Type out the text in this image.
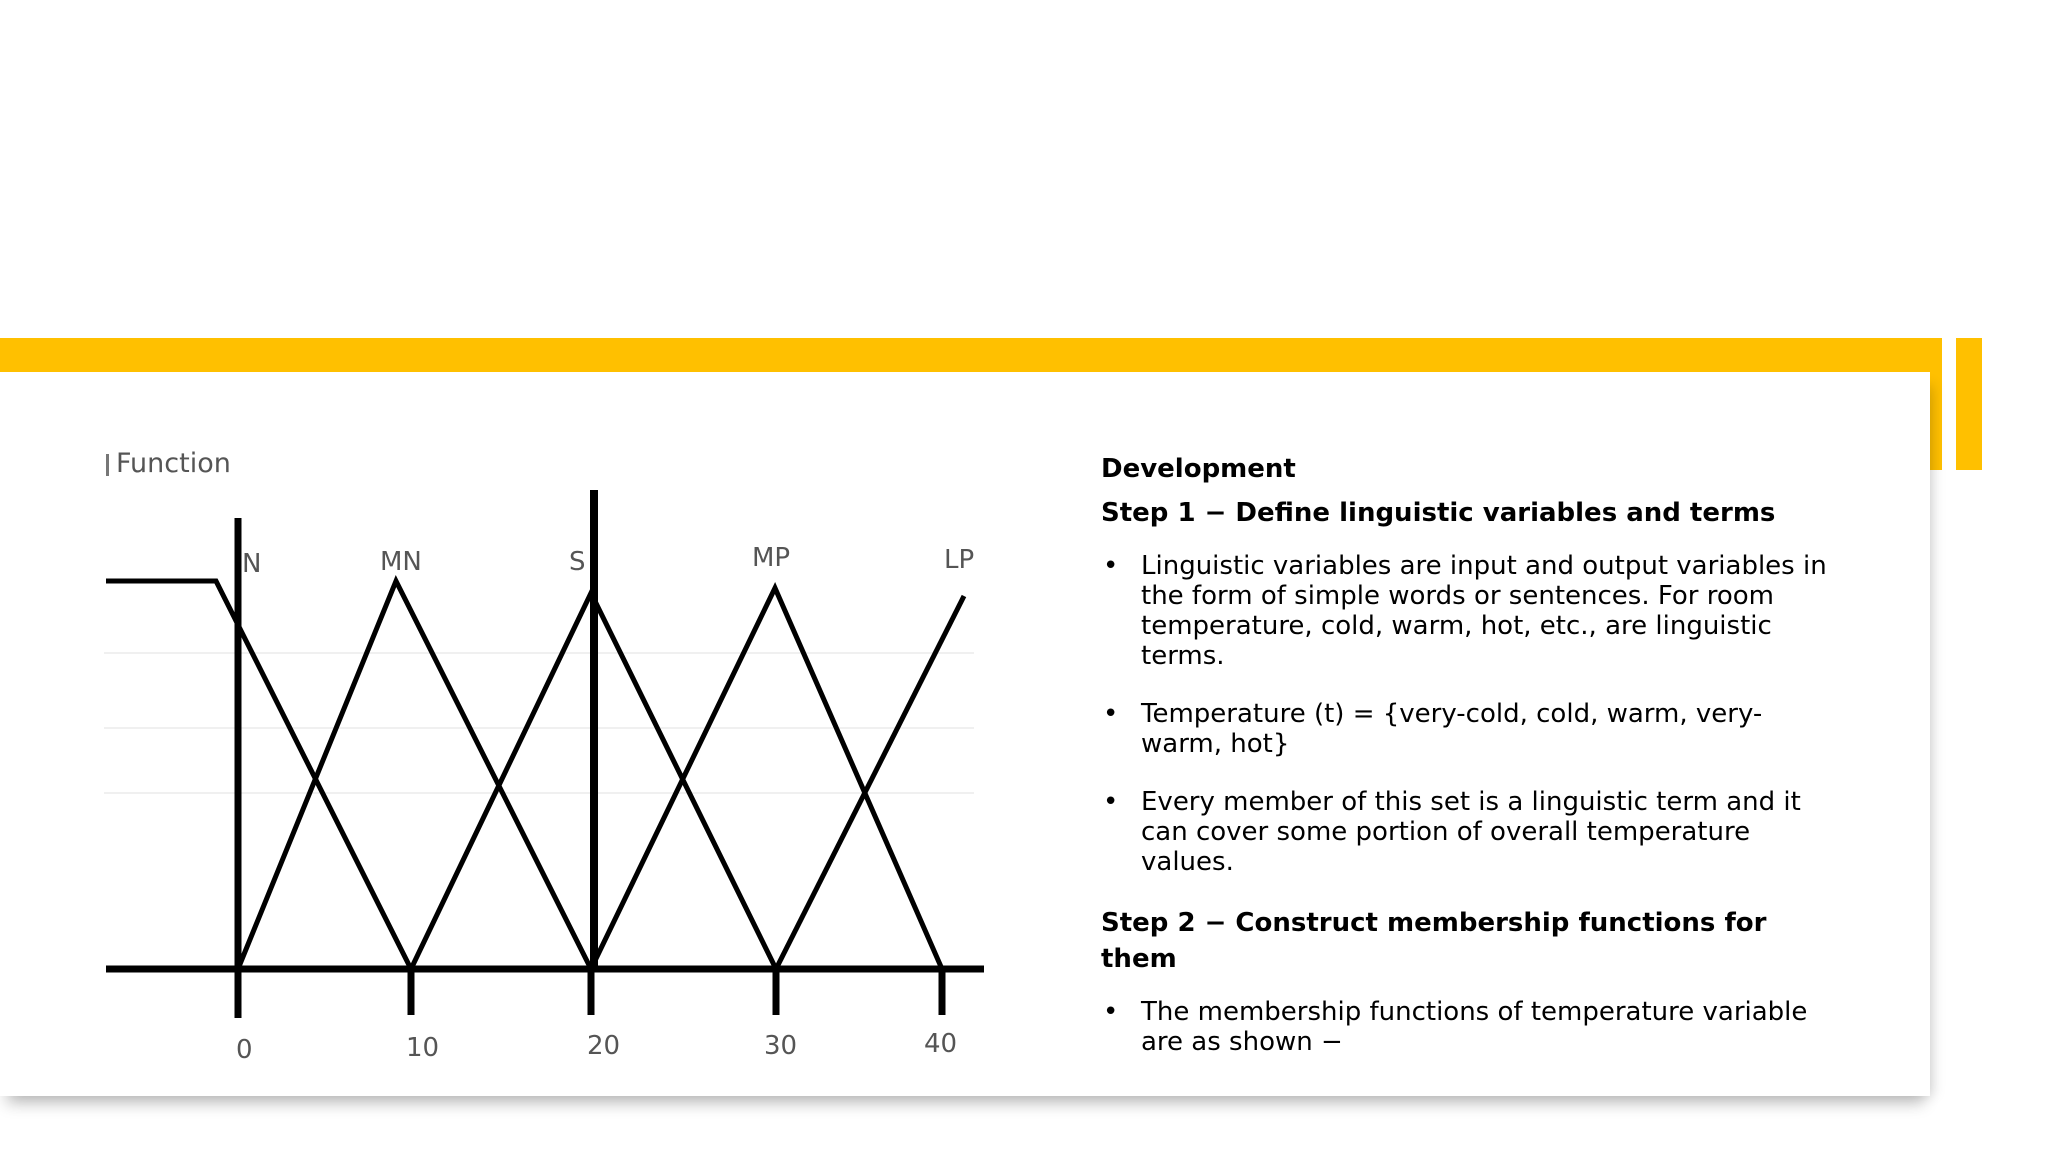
Function
N	MN	S	MP	LP
0	10	20	30	40
Development
Step 1 − Define linguistic variables and terms
• Linguistic variables are input and output variables in the form of simple words or sentences. For room temperature, cold, warm, hot, etc., are linguistic terms.
• Temperature (t) = {very-cold, cold, warm, very-warm, hot}
• Every member of this set is a linguistic term and it can cover some portion of overall temperature values.
Step 2 − Construct membership functions for them
• The membership functions of temperature variable are as shown −
